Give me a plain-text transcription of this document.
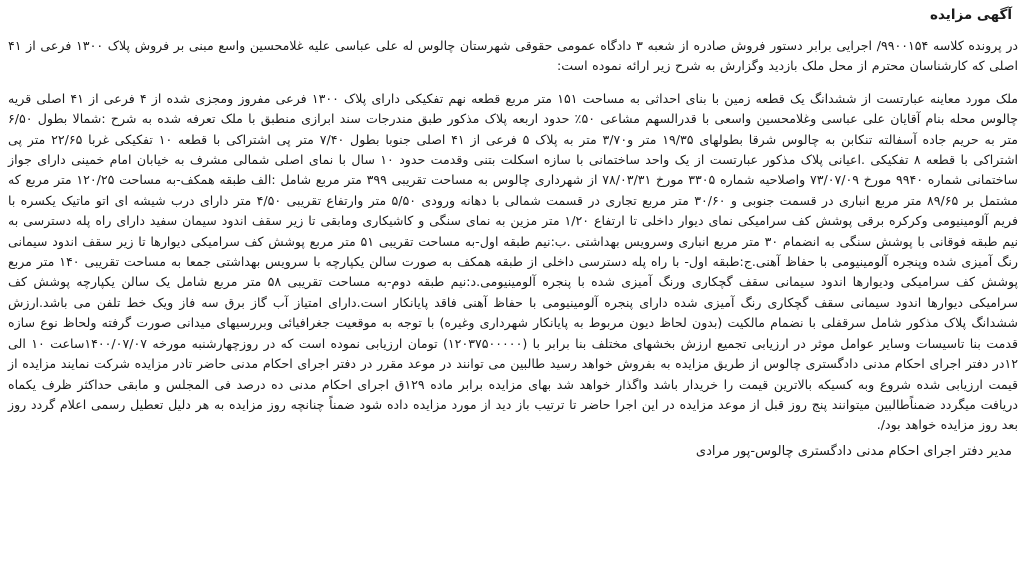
آگهی مزایده

در پرونده کلاسه ۹۹۰۰۱۵۴/ اجرایی برابر دستور فروش صادره از شعبه ۳ دادگاه عمومی حقوقی شهرستان چالوس له علی عباسی علیه غلامحسین واسع مبنی بر فروش پلاک ۱۳۰۰ فرعی از ۴۱ اصلی که کارشناسان محترم از محل ملک بازدید وگزارش به شرح زیر ارائه نموده است:

ملک مورد معاینه عبارتست از ششدانگ یک قطعه زمین با بنای احداثی به مساحت ۱۵۱ متر مربع قطعه نهم تفکیکی دارای پلاک ۱۳۰۰ فرعی مفروز ومجزی شده از ۴ فرعی از ۴۱ اصلی قریه چالوس محله بنام آقایان علی عباسی وغلامحسین واسعی با قدرالسهم مشاعی ۵۰٪ حدود اربعه پلاک مذکور طبق مندرجات سند ابرازی منطبق با ملک تعرفه شده به شرح :شمالا بطول ۶/۵۰ متر به حریم جاده آسفالته تنکابن به چالوس شرقا بطولهای ۱۹/۳۵ متر و۳/۷۰ متر به پلاک ۵ فرعی از ۴۱ اصلی جنوبا بطول ۷/۴۰ متر پی اشتراکی با قطعه ۱۰ تفکیکی غربا ۲۲/۶۵ متر پی اشتراکی با قطعه ۸ تفکیکی .اعیانی پلاک مذکور عبارتست از یک واحد ساختمانی با سازه اسکلت بتنی وقدمت حدود ۱۰ سال با نمای اصلی شمالی مشرف به خیابان امام خمینی دارای جواز ساختمانی شماره ۹۹۴۰ مورخ ۷۳/۰۷/۰۹ واصلاحیه شماره ۳۳۰۵ مورخ ۷۸/۰۳/۳۱ از شهرداری چالوس به مساحت تقریبی ۳۹۹ متر مربع شامل :الف طبقه همکف-به مساحت ۱۲۰/۲۵ متر مربع که مشتمل بر ۸۹/۶۵ متر مربع انباری در قسمت جنوبی و ۳۰/۶۰ متر مربع تجاری در قسمت شمالی با دهانه ورودی ۵/۵۰ متر وارتفاع تقریبی ۴/۵۰ متر دارای درب شیشه ای اتو ماتیک یکسره با فریم آلومینیومی وکرکره برقی پوشش کف سرامیکی نمای دیوار داخلی تا ارتفاع ۱/۲۰ متر مزین به نمای سنگی و کاشیکاری ومابقی تا زیر سقف اندود سیمان سفید دارای راه پله دسترسی به نیم طبقه فوقانی با پوشش سنگی به انضمام ۳۰ متر مربع انباری وسرویس بهداشتی .ب:نیم طبقه اول-به مساحت تقریبی ۵۱ متر مربع پوشش کف سرامیکی دیوارها تا زیر سقف اندود سیمانی رنگ آمیزی شده وپنجره آلومینیومی با حفاظ آهنی.ج:طبقه اول- با راه پله دسترسی داخلی از طبقه همکف به صورت سالن یکپارچه با سرویس بهداشتی جمعا به مساحت تقریبی ۱۴۰ متر مربع پوشش کف سرامیکی ودیوارها اندود سیمانی سقف گچکاری ورنگ آمیزی شده با پنجره آلومینیومی.د:نیم طبقه دوم-به مساحت تقریبی ۵۸ متر مربع شامل یک سالن یکپارچه پوشش کف سرامیکی دیوارها اندود سیمانی سقف گچکاری رنگ آمیزی شده دارای پنجره آلومینیومی با حفاظ آهنی فاقد پایانکار است.دارای امتیاز آب گاز برق سه فاز ویک خط تلفن می باشد.ارزش ششدانگ پلاک مذکور شامل سرقفلی با نضمام مالکیت (بدون لحاظ دیون مربوط به پایانکار شهرداری وغیره) با توجه به موقعیت جغرافیائی وبررسیهای میدانی صورت گرفته ولحاظ نوع سازه قدمت بنا تاسیسات وسایر عوامل موثر در ارزیابی تجمیع ارزش بخشهای مختلف بنا برابر با (۱۲۰۳۷۵۰۰۰۰۰) تومان ارزیابی نموده است که در روزچهارشنبه مورخه ۱۴۰۰/۰۷/۰۷ساعت ۱۰ الی ۱۲در دفتر اجرای احکام مدنی دادگستری چالوس از طریق مزایده به بفروش خواهد رسید طالبین می توانند در موعد مقرر در دفتر اجرای احکام مدنی حاضر تادر مزایده شرکت نمایند مزایده از قیمت ارزیابی شده شروع وبه کسیکه بالاترین قیمت را خریدار باشد واگذار خواهد شد بهای مزایده برابر ماده ۱۲۹ق اجرای احکام مدنی ده درصد فی المجلس و مابقی حداکثر ظرف یکماه دریافت میگردد ضمناًطالبین میتوانند پنج روز قبل از موعد مزایده در این اجرا حاضر تا ترتیب باز دید از مورد مزایده داده شود ضمناً چنانچه روز مزایده به هر دلیل تعطیل رسمی اعلام گردد روز بعد روز مزایده خواهد بود/.

مدیر دفتر اجرای احکام مدنی دادگستری چالوس-پور مرادی
